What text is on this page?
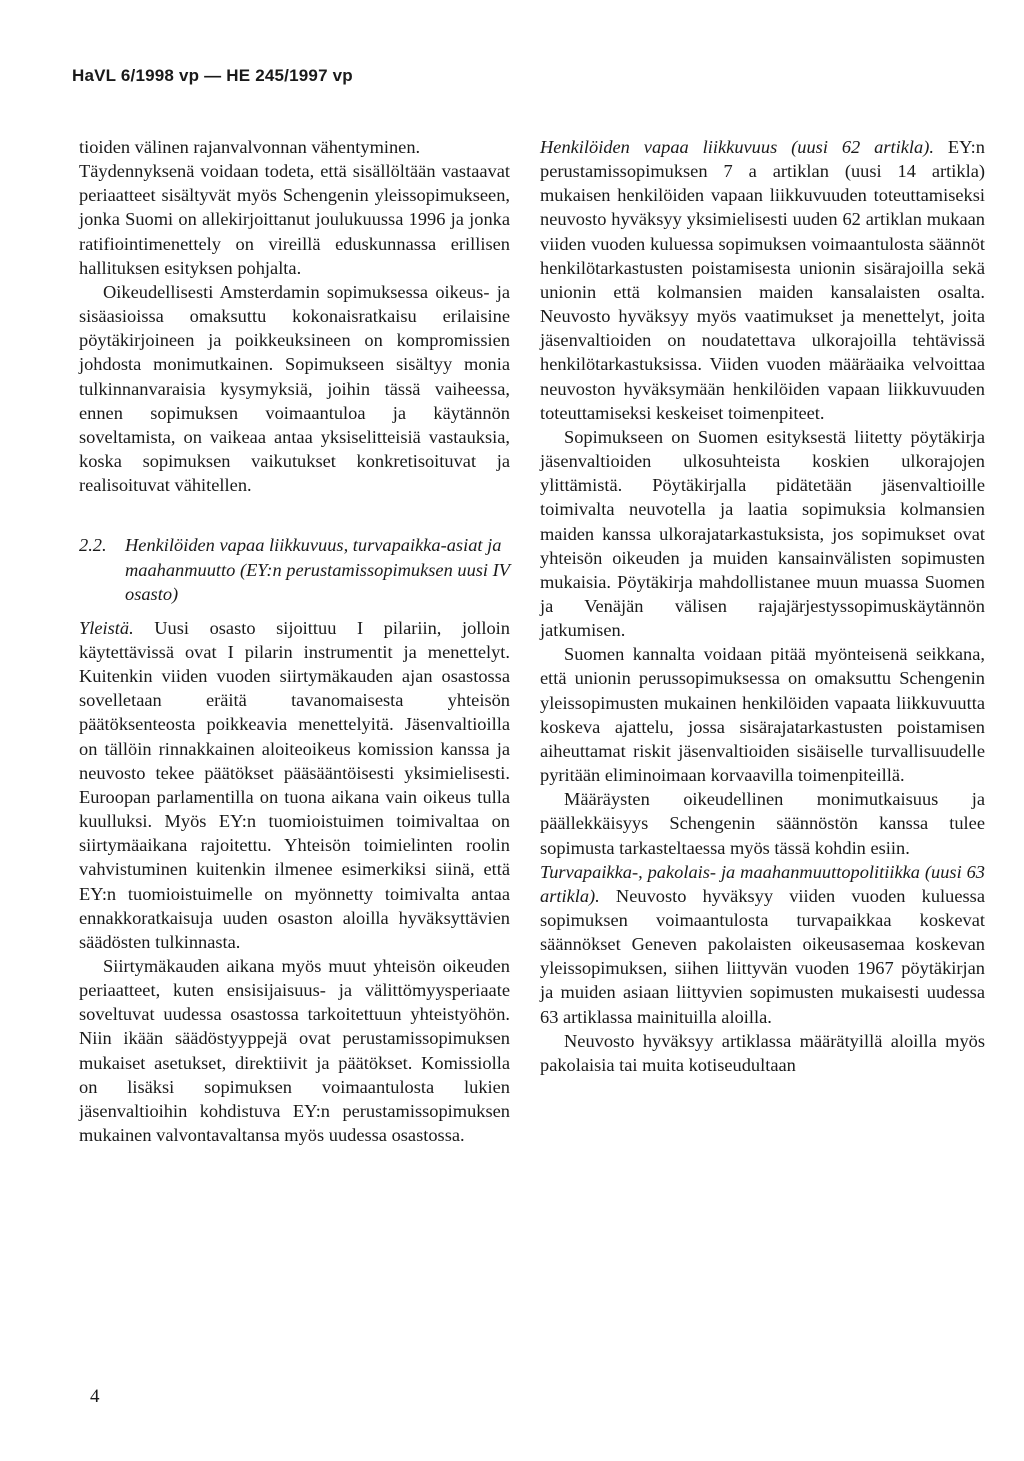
HaVL 6/1998 vp — HE 245/1997 vp

tioiden välinen rajanvalvonnan vähentyminen.

Täydennyksenä voidaan todeta, että sisällöltään vastaavat periaatteet sisältyvät myös Schengenin yleissopimukseen, jonka Suomi on allekirjoittanut joulukuussa 1996 ja jonka ratifiointimenettely on vireillä eduskunnassa erillisen hallituksen esityksen pohjalta.

Oikeudellisesti Amsterdamin sopimuksessa oikeus- ja sisäasioissa omaksuttu kokonaisratkaisu erilaisine pöytäkirjoineen ja poikkeuksineen on kompromissien johdosta monimutkainen. Sopimukseen sisältyy monia tulkinnanvaraisia kysymyksiä, joihin tässä vaiheessa, ennen sopimuksen voimaantuloa ja käytännön soveltamista, on vaikeaa antaa yksiselitteisiä vastauksia, koska sopimuksen vaikutukset konkretisoituvat ja realisoituvat vähitellen.

2.2.	Henkilöiden vapaa liikkuvuus, turvapaikka-asiat ja maahanmuutto (EY:n perustamissopimuksen uusi IV osasto)

Yleistä. Uusi osasto sijoittuu I pilariin, jolloin käytettävissä ovat I pilarin instrumentit ja menettelyt. Kuitenkin viiden vuoden siirtymäkauden ajan osastossa sovelletaan eräitä tavanomaisesta yhteisön päätöksenteosta poikkeavia menettelyitä. Jäsenvaltioilla on tällöin rinnakkainen aloiteoikeus komission kanssa ja neuvosto tekee päätökset pääsääntöisesti yksimielisesti. Euroopan parlamentilla on tuona aikana vain oikeus tulla kuulluksi. Myös EY:n tuomioistuimen toimivaltaa on siirtymäaikana rajoitettu. Yhteisön toimielinten roolin vahvistuminen kuitenkin ilmenee esimerkiksi siinä, että EY:n tuomioistuimelle on myönnetty toimivalta antaa ennakkoratkaisuja uuden osaston aloilla hyväksyttävien säädösten tulkinnasta.

Siirtymäkauden aikana myös muut yhteisön oikeuden periaatteet, kuten ensisijaisuus- ja välittömyysperiaate soveltuvat uudessa osastossa tarkoitettuun yhteistyöhön. Niin ikään säädöstyyppejä ovat perustamissopimuksen mukaiset asetukset, direktiivit ja päätökset. Komissiolla on lisäksi sopimuksen voimaantulosta lukien jäsenvaltioihin kohdistuva EY:n perustamissopimuksen mukainen valvontavaltansa myös uudessa osastossa.

Henkilöiden vapaa liikkuvuus (uusi 62 artikla). EY:n perustamissopimuksen 7 a artiklan (uusi 14 artikla) mukaisen henkilöiden vapaan liikkuvuuden toteuttamiseksi neuvosto hyväksyy yksimielisesti uuden 62 artiklan mukaan viiden vuoden kuluessa sopimuksen voimaantulosta säännöt henkilötarkastusten poistamisesta unionin sisärajoilla sekä unionin että kolmansien maiden kansalaisten osalta. Neuvosto hyväksyy myös vaatimukset ja menettelyt, joita jäsenvaltioiden on noudatettava ulkorajoilla tehtävissä henkilötarkastuksissa. Viiden vuoden määräaika velvoittaa neuvoston hyväksymään henkilöiden vapaan liikkuvuuden toteuttamiseksi keskeiset toimenpiteet.

Sopimukseen on Suomen esityksestä liitetty pöytäkirja jäsenvaltioiden ulkosuhteista koskien ulkorajojen ylittämistä. Pöytäkirjalla pidätetään jäsenvaltioille toimivalta neuvotella ja laatia sopimuksia kolmansien maiden kanssa ulkorajatarkastuksista, jos sopimukset ovat yhteisön oikeuden ja muiden kansainvälisten sopimusten mukaisia. Pöytäkirja mahdollistanee muun muassa Suomen ja Venäjän välisen rajajärjestyssopimuskäytännön jatkumisen.

Suomen kannalta voidaan pitää myönteisenä seikkana, että unionin perussopimuksessa on omaksuttu Schengenin yleissopimusten mukainen henkilöiden vapaata liikkuvuutta koskeva ajattelu, jossa sisärajatarkastusten poistamisen aiheuttamat riskit jäsenvaltioiden sisäiselle turvallisuudelle pyritään eliminoimaan korvaavilla toimenpiteillä.

Määräysten oikeudellinen monimutkaisuus ja päällekkäisyys Schengenin säännöstön kanssa tulee sopimusta tarkasteltaessa myös tässä kohdin esiin.

Turvapaikka-, pakolais- ja maahanmuuttopolitiikka (uusi 63 artikla). Neuvosto hyväksyy viiden vuoden kuluessa sopimuksen voimaantulosta turvapaikkaa koskevat säännökset Geneven pakolaisten oikeusasemaa koskevan yleissopimuksen, siihen liittyvän vuoden 1967 pöytäkirjan ja muiden asiaan liittyvien sopimusten mukaisesti uudessa 63 artiklassa mainituilla aloilla.

Neuvosto hyväksyy artiklassa määrätyillä aloilla myös pakolaisia tai muita kotiseudultaan

4
